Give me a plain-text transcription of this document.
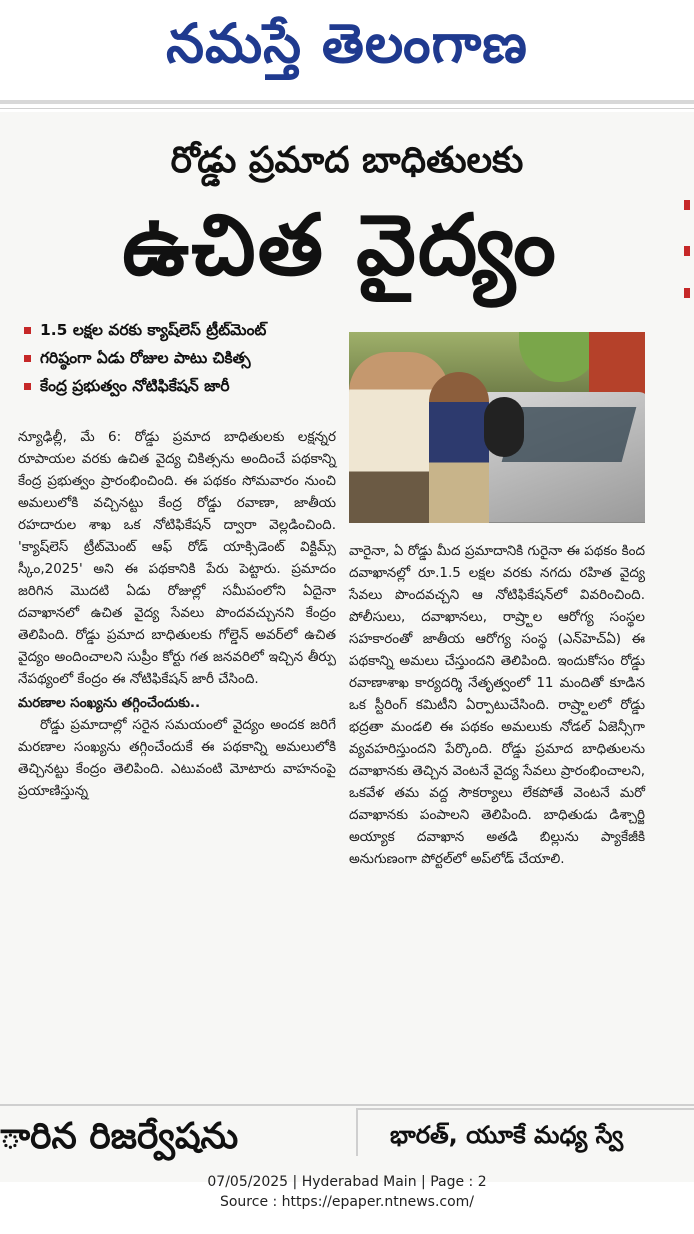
నమస్తే తెలంగాణ
రోడ్డు ప్రమాద బాధితులకు
ఉచిత వైద్యం
1.5 లక్షల వరకు క్యాష్‌లెస్ ట్రీట్‌మెంట్
గరిష్ఠంగా ఏడు రోజుల పాటు చికిత్స
కేంద్ర ప్రభుత్వం నోటిఫికేషన్ జారీ

న్యూఢిల్లీ, మే 6: రోడ్డు ప్రమాద బాధితులకు లక్షన్నర రూపాయల వరకు ఉచిత వైద్య చికిత్సను అందించే పథకాన్ని కేంద్ర ప్రభుత్వం ప్రారంభించింది. ఈ పథకం సోమవారం నుంచి అమలులోకి వచ్చినట్టు కేంద్ర రోడ్డు రవాణా, జాతీయ రహదారుల శాఖ ఒక నోటిఫికేషన్ ద్వారా వెల్లడించింది. 'క్యాష్‌లెస్ ట్రీట్‌మెంట్ ఆఫ్ రోడ్ యాక్సిడెంట్ విక్టిమ్స్ స్కీం,2025' అని ఈ పథకానికి పేరు పెట్టారు. ప్రమాదం జరిగిన మొదటి ఏడు రోజుల్లో సమీపంలోని ఏదైనా దవాఖానలో ఉచిత వైద్య సేవలు పొందవచ్చునని కేంద్రం తెలిపింది. రోడ్డు ప్రమాద బాధితులకు గోల్డెన్ అవర్‌లో ఉచిత వైద్యం అందించాలని సుప్రీం కోర్టు గత జనవరిలో ఇచ్చిన తీర్పు నేపథ్యంలో కేంద్రం ఈ నోటిఫికేషన్ జారీ చేసింది.

మరణాల సంఖ్యను తగ్గించేందుకు..

రోడ్డు ప్రమాదాల్లో సరైన సమయంలో వైద్యం అందక జరిగే మరణాల సంఖ్యను తగ్గించేందుకే ఈ పథకాన్ని అమలులోకి తెచ్చినట్టు కేంద్రం తెలిపింది. ఎటువంటి మోటారు వాహనంపై ప్రయాణిస్తున్న

వారైనా, ఏ రోడ్డు మీద ప్రమాదానికి గురైనా ఈ పథకం కింద దవాఖానల్లో రూ.1.5 లక్షల వరకు నగదు రహిత వైద్య సేవలు పొందవచ్చని ఆ నోటిఫికేషన్‌లో వివరించింది. పోలీసులు, దవాఖానలు, రాష్ర్టాల ఆరోగ్య సంస్థల సహకారంతో జాతీయ ఆరోగ్య సంస్థ (ఎన్‌హెచ్‌ఏ) ఈ పథకాన్ని అమలు చేస్తుందని తెలిపింది. ఇందుకోసం రోడ్డు రవాణాశాఖ కార్యదర్శి నేతృత్వంలో 11 మందితో కూడిన ఒక స్టీరింగ్ కమిటీని ఏర్పాటుచేసింది. రాష్ర్టాలలో రోడ్డు భద్రతా మండలి ఈ పథకం అమలుకు నోడల్ ఏజెన్సీగా వ్యవహరిస్తుందని పేర్కొంది. రోడ్డు ప్రమాద బాధితులను దవాఖానకు తెచ్చిన వెంటనే వైద్య సేవలు ప్రారంభించాలని, ఒకవేళ తమ వద్ద సౌకర్యాలు లేకపోతే వెంటనే మరో దవాఖానకు పంపాలని తెలిపింది. బాధితుడు డిశ్చార్జి అయ్యాక దవాఖాన అతడి బిల్లును ప్యాకేజీకి అనుగుణంగా పోర్టల్‌లో అప్‌లోడ్ చేయాలి.

ారిన రిజర్వేషను	భారత్, యూకే మధ్య స్వే
07/05/2025 | Hyderabad Main | Page : 2
Source : https://epaper.ntnews.com/
